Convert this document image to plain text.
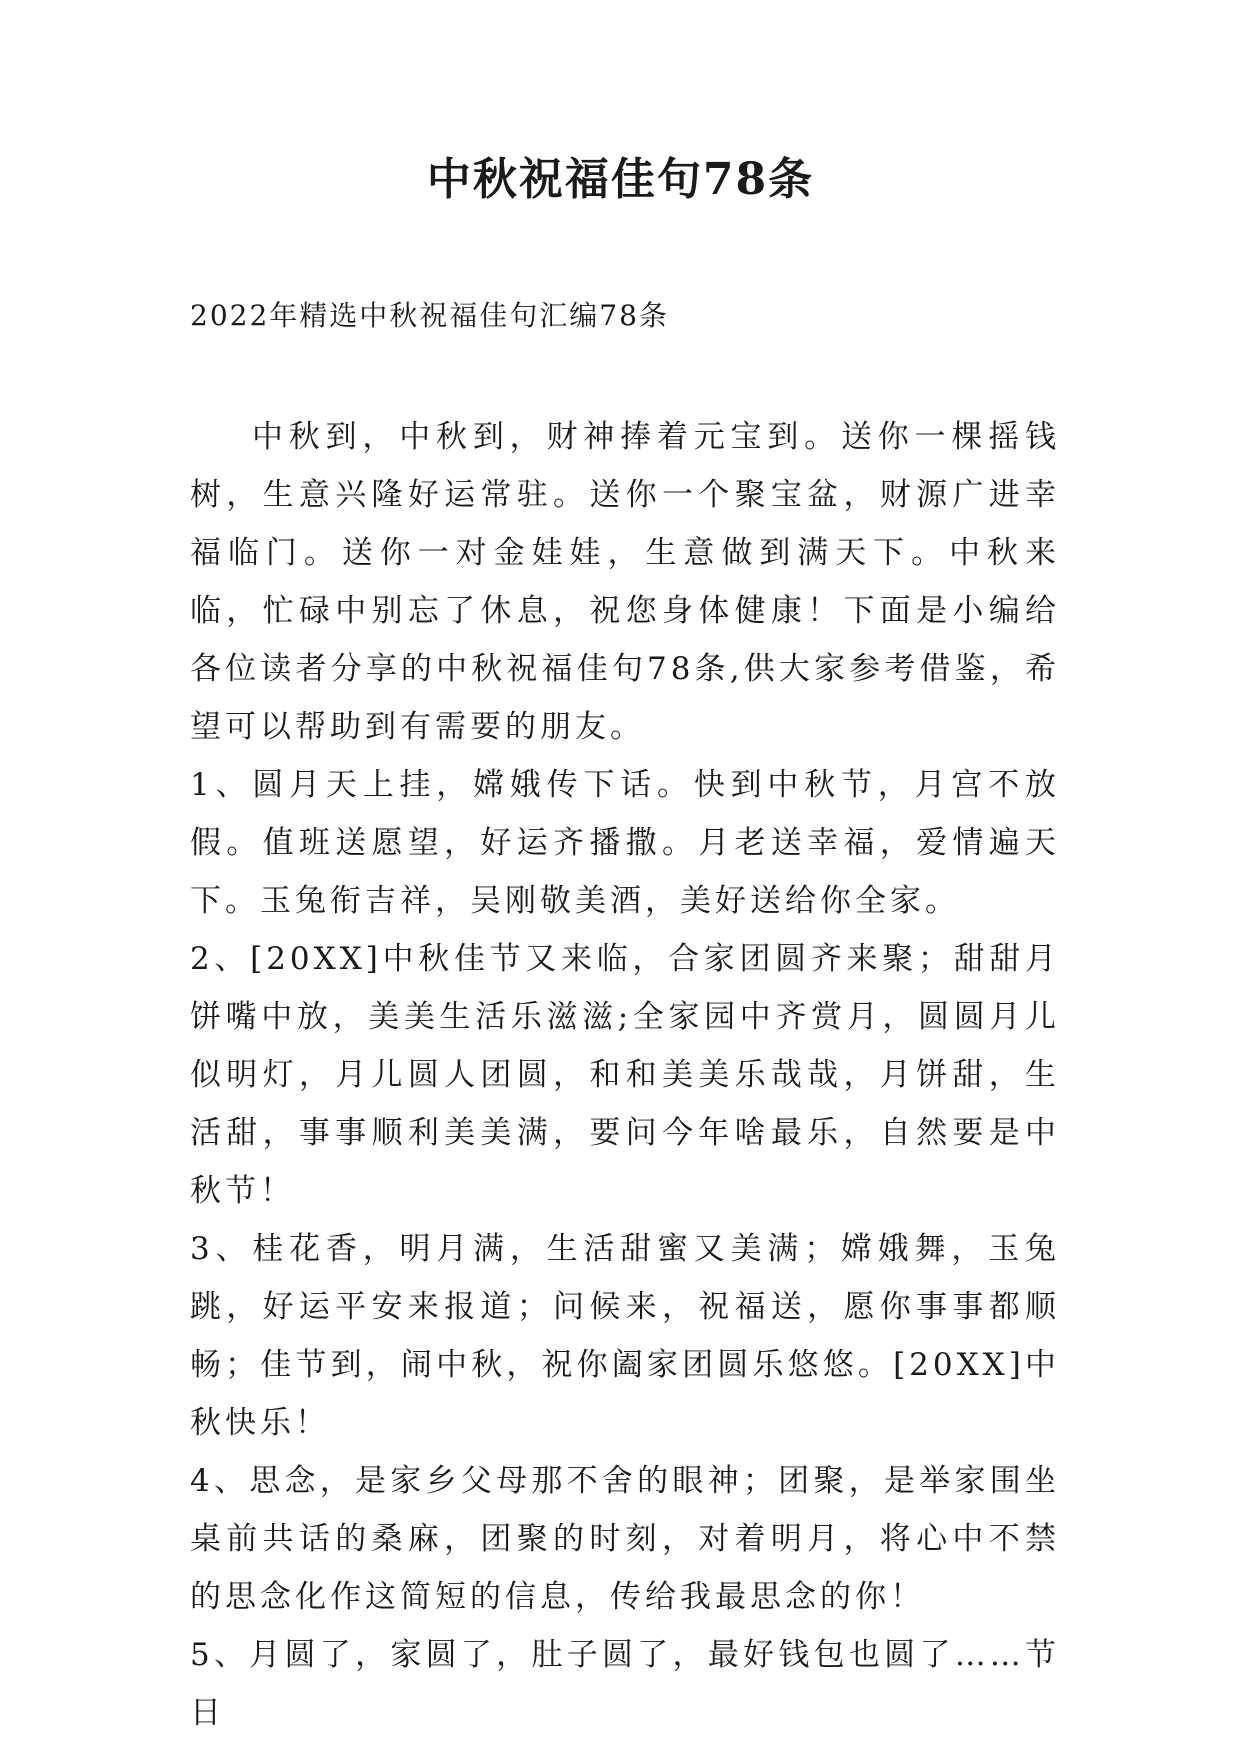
中秋祝福佳句78条

2022年精选中秋祝福佳句汇编78条

中秋到，中秋到，财神捧着元宝到。送你一棵摇钱树，生意兴隆好运常驻。送你一个聚宝盆，财源广进幸福临门。送你一对金娃娃，生意做到满天下。中秋来临，忙碌中别忘了休息，祝您身体健康！下面是小编给各位读者分享的中秋祝福佳句78条,供大家参考借鉴，希望可以帮助到有需要的朋友。

1、圆月天上挂，嫦娥传下话。快到中秋节，月宫不放假。值班送愿望，好运齐播撒。月老送幸福，爱情遍天下。玉兔衔吉祥，吴刚敬美酒，美好送给你全家。

2、[20XX]中秋佳节又来临，合家团圆齐来聚；甜甜月饼嘴中放，美美生活乐滋滋;全家园中齐赏月，圆圆月儿似明灯，月儿圆人团圆，和和美美乐哉哉，月饼甜，生活甜，事事顺利美美满，要问今年啥最乐，自然要是中秋节！

3、桂花香，明月满，生活甜蜜又美满；嫦娥舞，玉兔跳，好运平安来报道；问候来，祝福送，愿你事事都顺畅；佳节到，闹中秋，祝你阖家团圆乐悠悠。[20XX]中秋快乐！

4、思念，是家乡父母那不舍的眼神；团聚，是举家围坐桌前共话的桑麻，团聚的时刻，对着明月，将心中不禁的思念化作这简短的信息，传给我最思念的你！

5、月圆了，家圆了，肚子圆了，最好钱包也圆了……节日
